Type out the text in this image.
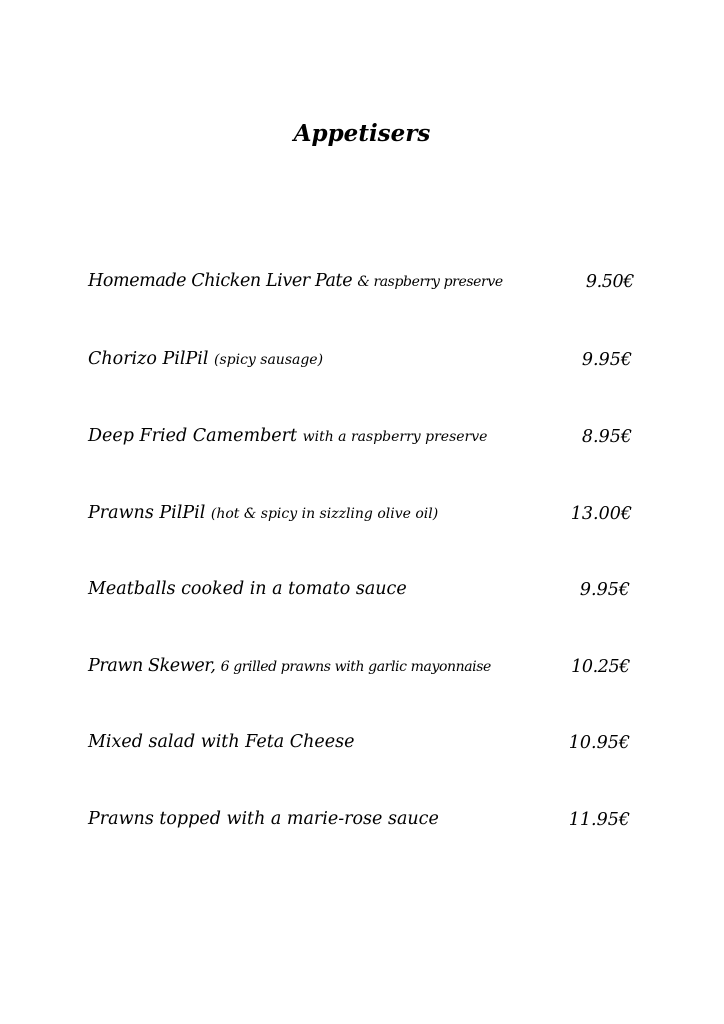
Appetisers
Homemade Chicken Liver Pate & raspberry preserve	9.50€
Chorizo PilPil (spicy sausage)	9.95€
Deep Fried Camembert with a raspberry preserve	8.95€
Prawns PilPil (hot & spicy in sizzling olive oil)	13.00€
Meatballs cooked in a tomato sauce	9.95€
Prawn Skewer, 6 grilled prawns with garlic mayonnaise	10.25€
Mixed salad with Feta Cheese	10.95€
Prawns topped with a marie-rose sauce	11.95€
